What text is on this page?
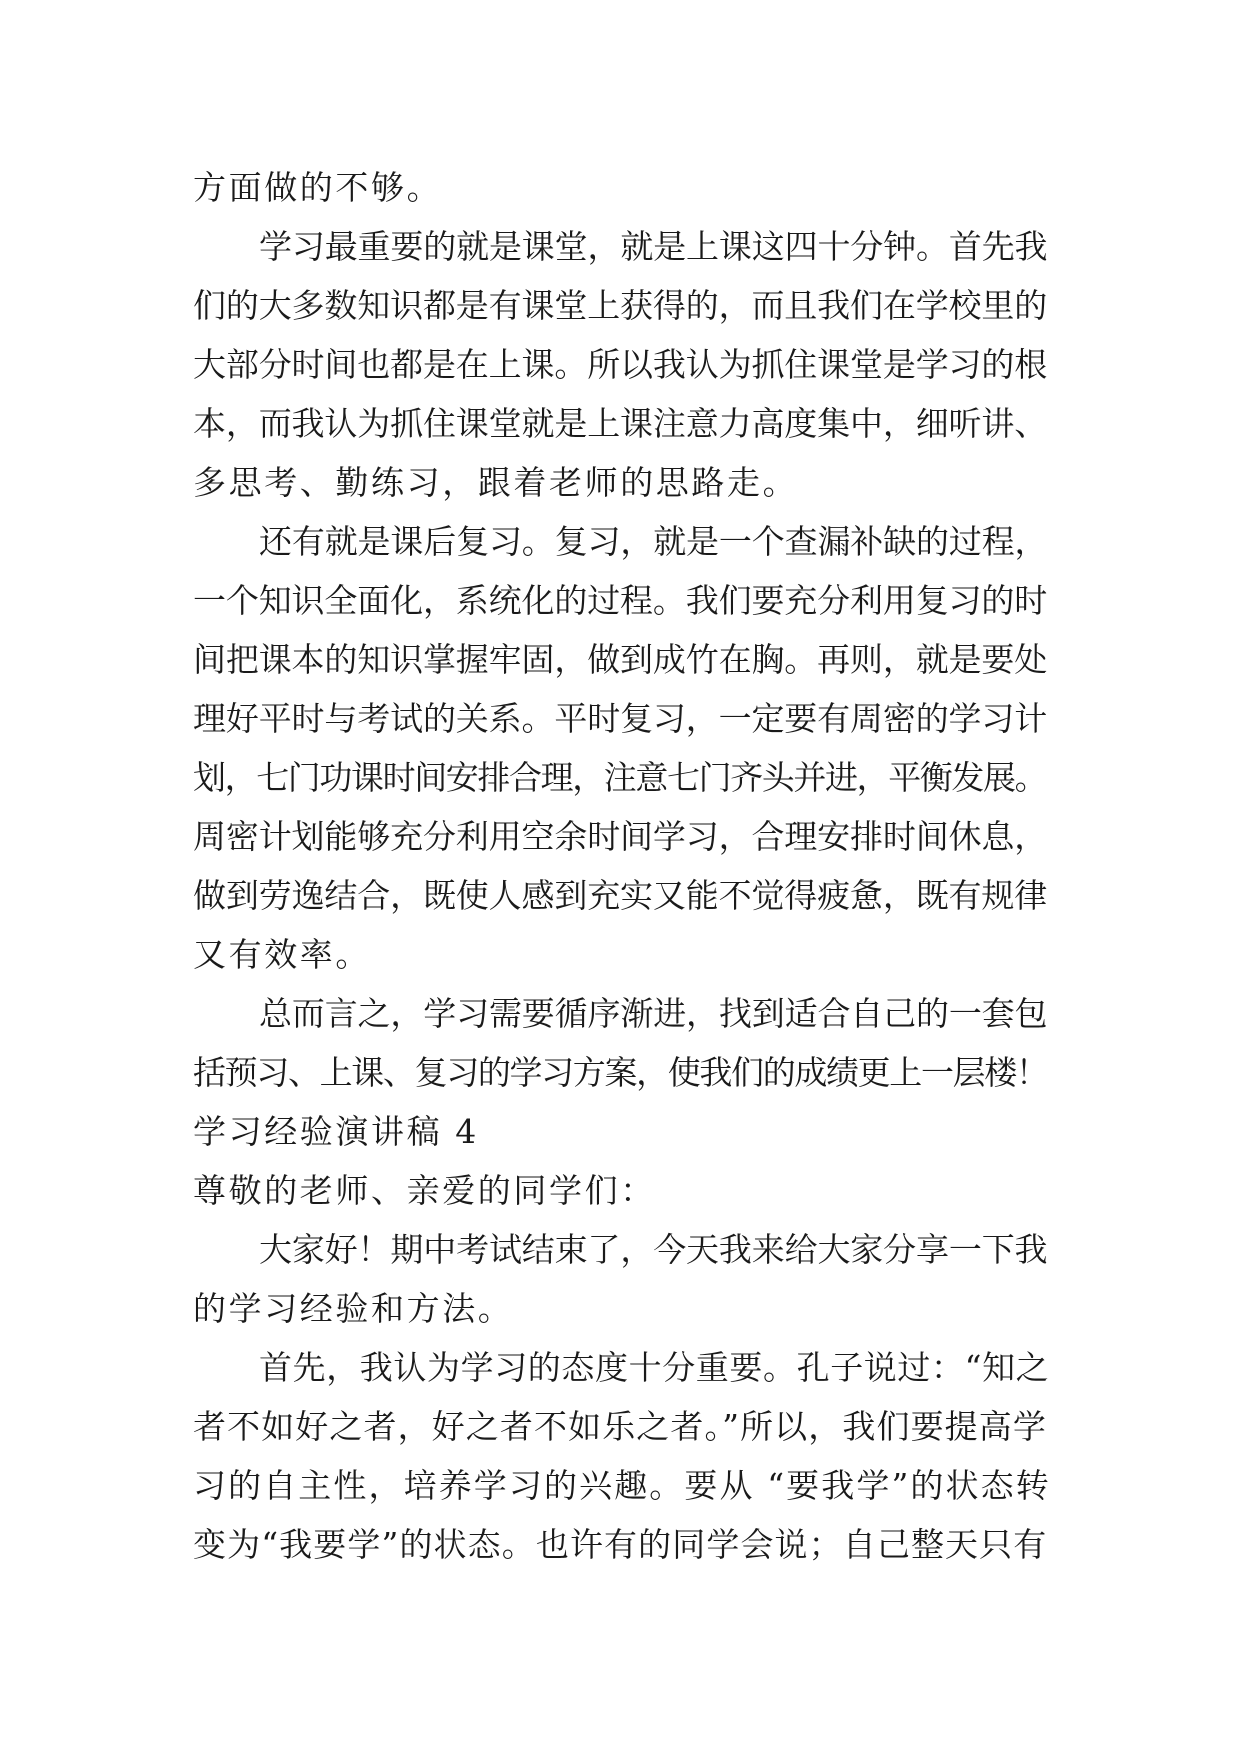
方面做的不够。
学习最重要的就是课堂，就是上课这四十分钟。首先我
们的大多数知识都是有课堂上获得的，而且我们在学校里的
大部分时间也都是在上课。所以我认为抓住课堂是学习的根
本，而我认为抓住课堂就是上课注意力高度集中，细听讲、
多思考、勤练习，跟着老师的思路走。
还有就是课后复习。复习，就是一个查漏补缺的过程，
一个知识全面化，系统化的过程。我们要充分利用复习的时
间把课本的知识掌握牢固，做到成竹在胸。再则，就是要处
理好平时与考试的关系。平时复习，一定要有周密的学习计
划，七门功课时间安排合理，注意七门齐头并进，平衡发展。
周密计划能够充分利用空余时间学习，合理安排时间休息，
做到劳逸结合，既使人感到充实又能不觉得疲惫，既有规律
又有效率。
总而言之，学习需要循序渐进，找到适合自己的一套包
括预习、上课、复习的学习方案，使我们的成绩更上一层楼！
学习经验演讲稿 4
尊敬的老师、亲爱的同学们：
大家好！期中考试结束了，今天我来给大家分享一下我
的学习经验和方法。
首先，我认为学习的态度十分重要。孔子说过：“知之
者不如好之者，好之者不如乐之者。”所以，我们要提高学
习的自主性，培养学习的兴趣。要从 “要我学”的状态转
变为“我要学”的状态。也许有的同学会说；自己整天只有
